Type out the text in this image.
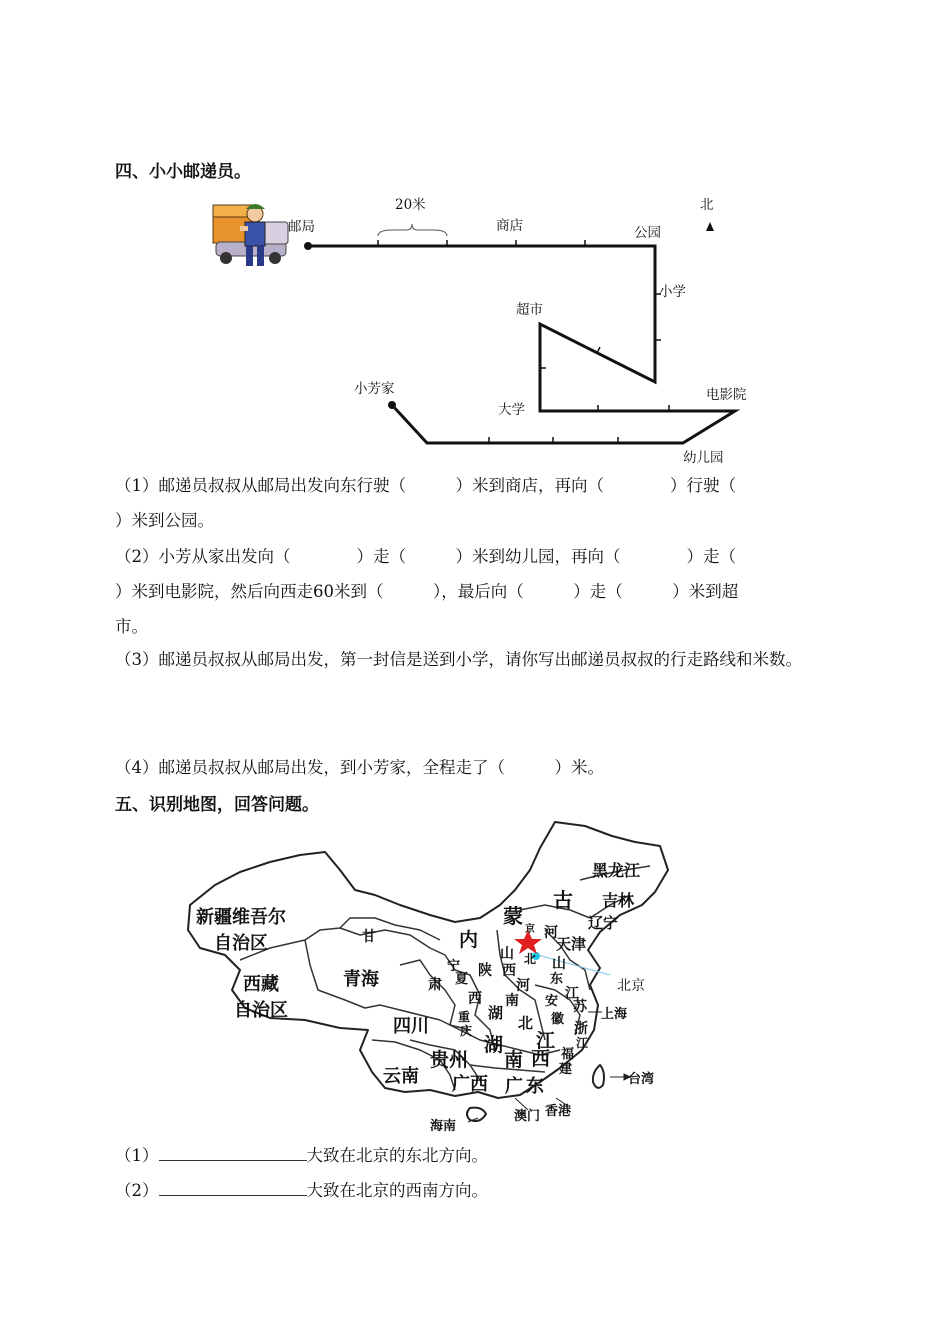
四、小小邮递员。
20米	北
邮局	商店	公园
小学
超市
电影院
大学
小芳家
幼儿园
（1）邮递员叔叔从邮局出发向东行驶（　　　）米到商店，再向（　　　　）行驶（
）米到公园。
（2）小芳从家出发向（　　　　）走（　　　）米到幼儿园，再向（　　　　）走（
）米到电影院，然后向西走60米到（　　　），最后向（　　　）走（　　　）米到超
市。
（3）邮递员叔叔从邮局出发，第一封信是送到小学，请你写出邮递员叔叔的行走路线和米数。
（4）邮递员叔叔从邮局出发，到小芳家，全程走了（　　　）米。
五、识别地图，回答问题。
黑龙江
吉林
辽宁
古
蒙
内
新疆维吾尔
自治区
西藏
自治区
青海
甘
肃
宁
夏
陕
西
山
西
河
北
京
天津
山
东
河
南	江
苏
安
徽	上海
四川 重
庆
湖
北	浙
江
湖
南
江
西 福
建
贵州
云南 广西 广 东	台湾
澳门 香港
海南
北京
（1）	大致在北京的东北方向。
（2）	大致在北京的西南方向。
